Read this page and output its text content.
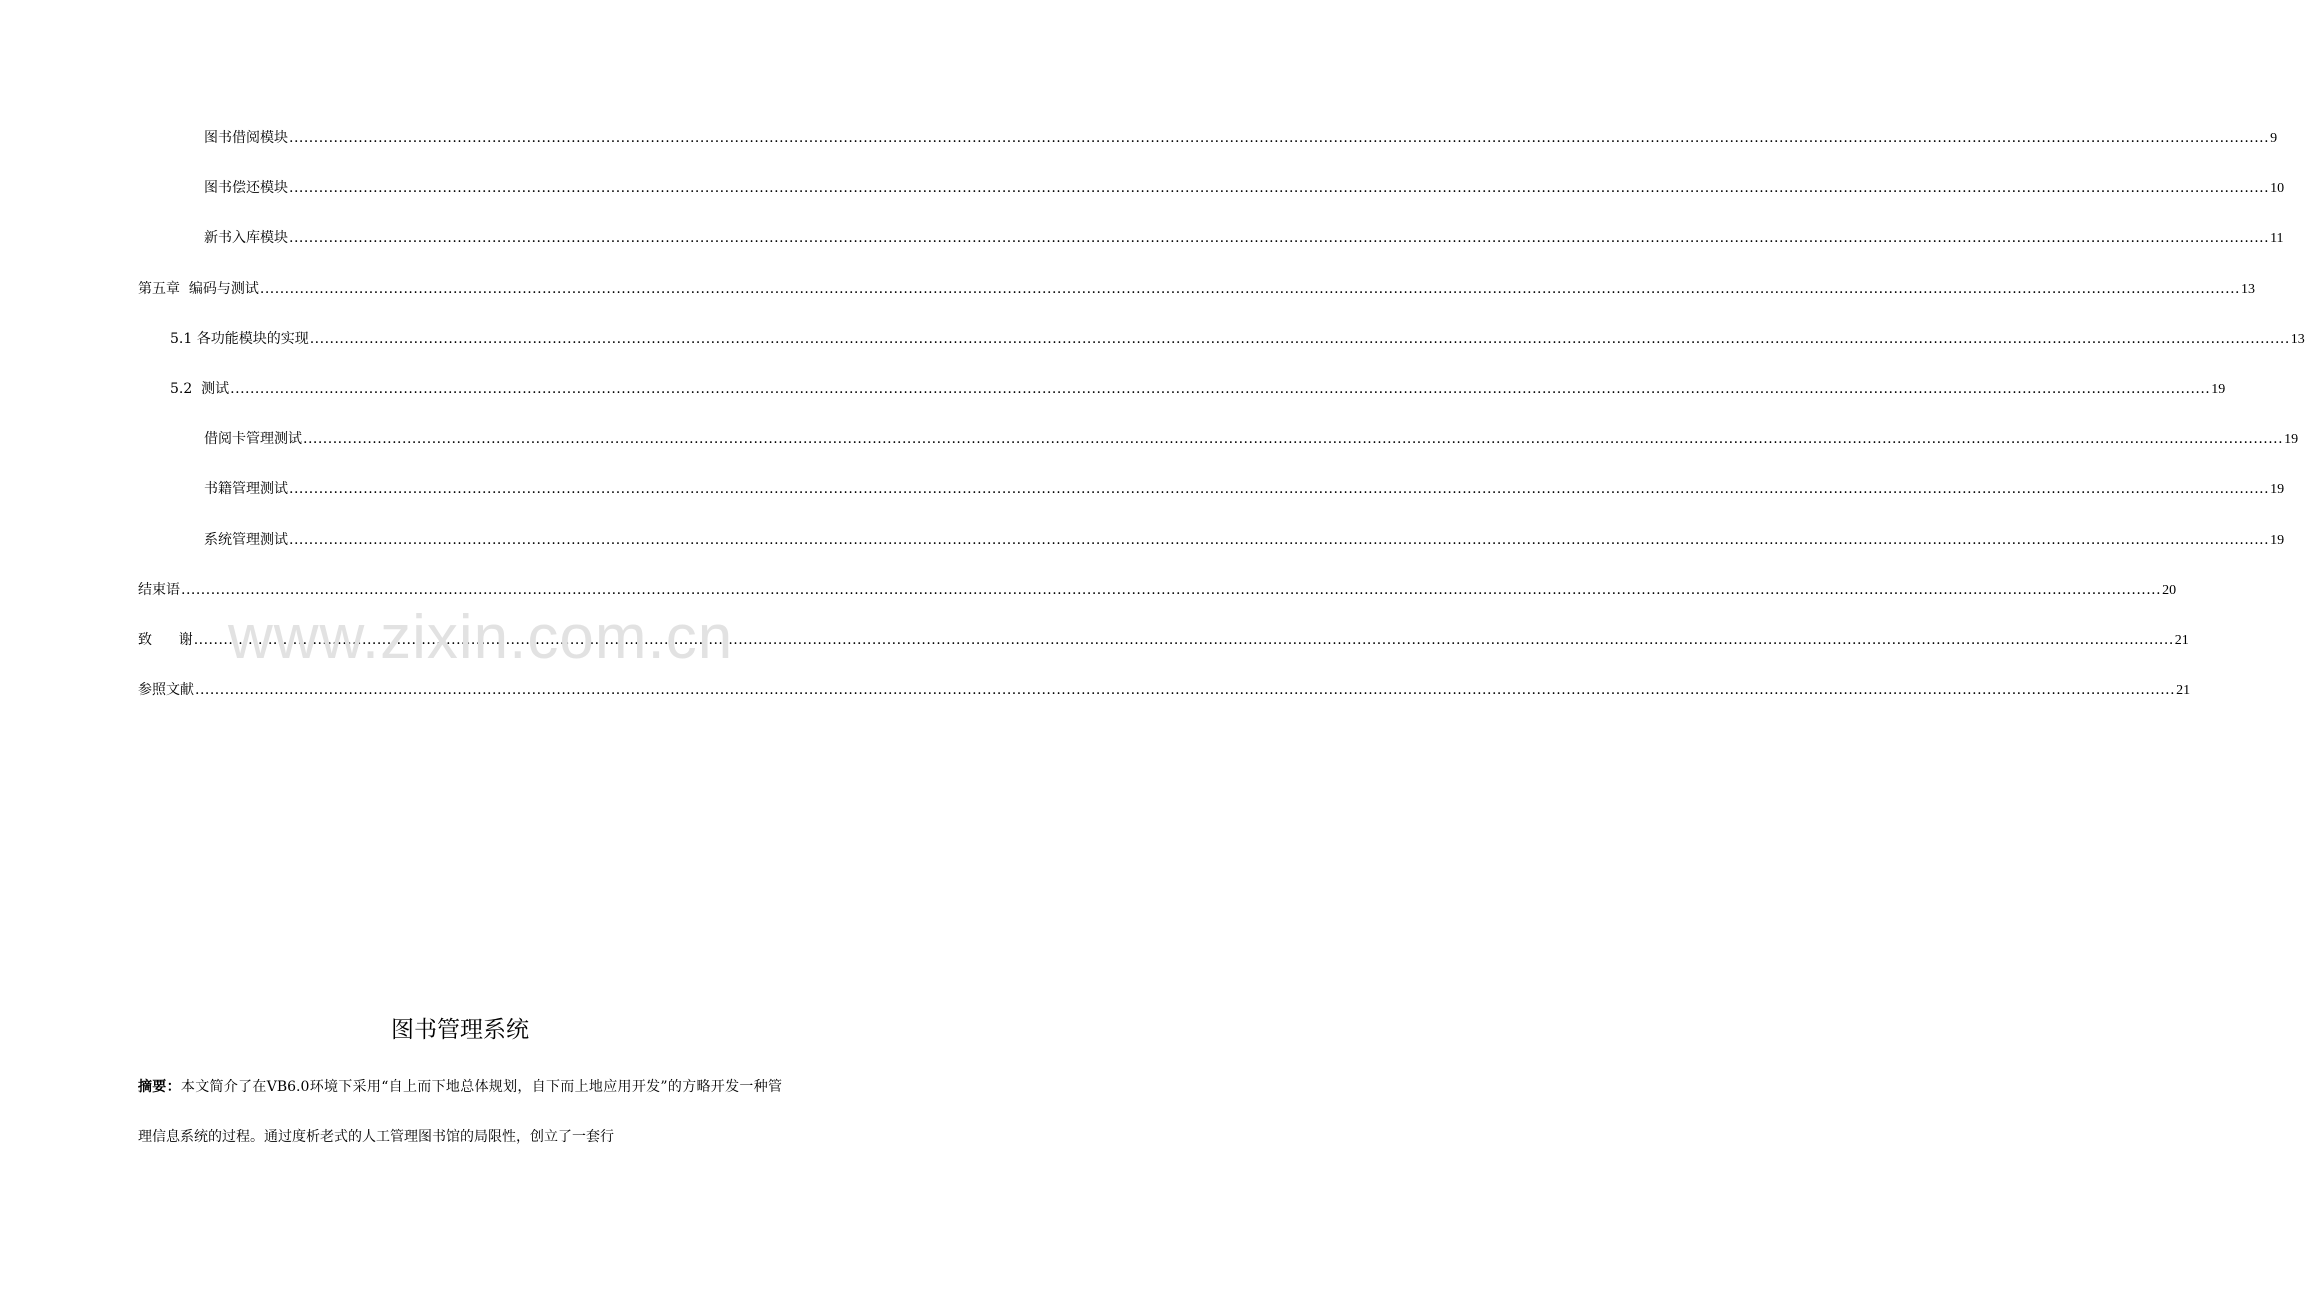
图书借阅模块 ................................................................................................................................................................................................................................................................................................................................................................................................................ 9
图书偿还模块 ................................................................................................................................................................................................................................................................................................................................................................................................................ 10
新书入库模块 ................................................................................................................................................................................................................................................................................................................................................................................................................ 11
第五章  编码与测试 ................................................................................................................................................................................................................................................................................................................................................................................................................ 13
5.1 各功能模块的实现 ................................................................................................................................................................................................................................................................................................................................................................................................................ 13
5.2  测试 ................................................................................................................................................................................................................................................................................................................................................................................................................ 19
借阅卡管理测试 ................................................................................................................................................................................................................................................................................................................................................................................................................ 19
书籍管理测试 ................................................................................................................................................................................................................................................................................................................................................................................................................ 19
系统管理测试 ................................................................................................................................................................................................................................................................................................................................................................................................................ 19
结束语 ................................................................................................................................................................................................................................................................................................................................................................................................................ 20
致      谢 ................................................................................................................................................................................................................................................................................................................................................................................................................ 21
参照文献 ................................................................................................................................................................................................................................................................................................................................................................................................................ 21
www.zixin.com.cn
图书管理系统

摘要：本文简介了在VB6.0环境下采用“自上而下地总体规划，自下而上地应用开发”的方略开发一种管理信息系统的过程。通过度析老式的人工管理图书馆的局限性，创立了一套行
